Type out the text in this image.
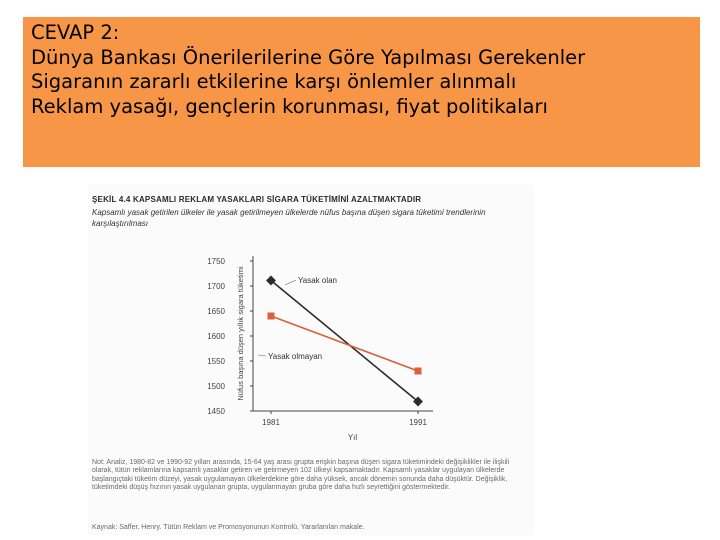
CEVAP 2:
Dünya Bankası Önerilerilerine Göre Yapılması Gerekenler
Sigaranın zararlı etkilerine karşı önlemler alınmalı
Reklam yasağı, gençlerin korunması, fiyat politikaları
ŞEKİL 4.4 KAPSAMLI REKLAM YASAKLARI SİGARA TÜKETİMİNİ AZALTMAKTADIR
Kapsamlı yasak getirilen ülkeler ile yasak getirilmeyen ülkelerde nüfus başına düşen sigara tüketimi trendlerinin karşılaştırılması
1450
1500
1550
1600
1650
1700
1750
Nüfus başına düşen yıllık sigara tüketimi
Yıl
1981	1991
Yasak olan
Yasak olmayan
Not: Analiz, 1980-82 ve 1990-92 yılları arasında, 15-64 yaş arası grupta erişkin başına düşen sigara tüketimindeki değişiklikler ile ilişkili olarak, tütün reklamlarına kapsamlı yasaklar getiren ve getirmeyen 102 ülkeyi kapsamaktadır. Kapsamlı yasaklar uygulayan ülkelerde başlangıçtaki tüketim düzeyi, yasak uygulamayan ülkelerdekine göre daha yüksek, ancak dönemin sonunda daha düşüktür. Değişiklik, tüketimdeki düşüş hızının yasak uygulanan grupta, uygulanmayan gruba göre daha hızlı seyrettiğini göstermektedir.
Kaynak: Saffer, Henry. Tütün Reklam ve Promosyonunun Kontrolü. Yararlanılan makale.
